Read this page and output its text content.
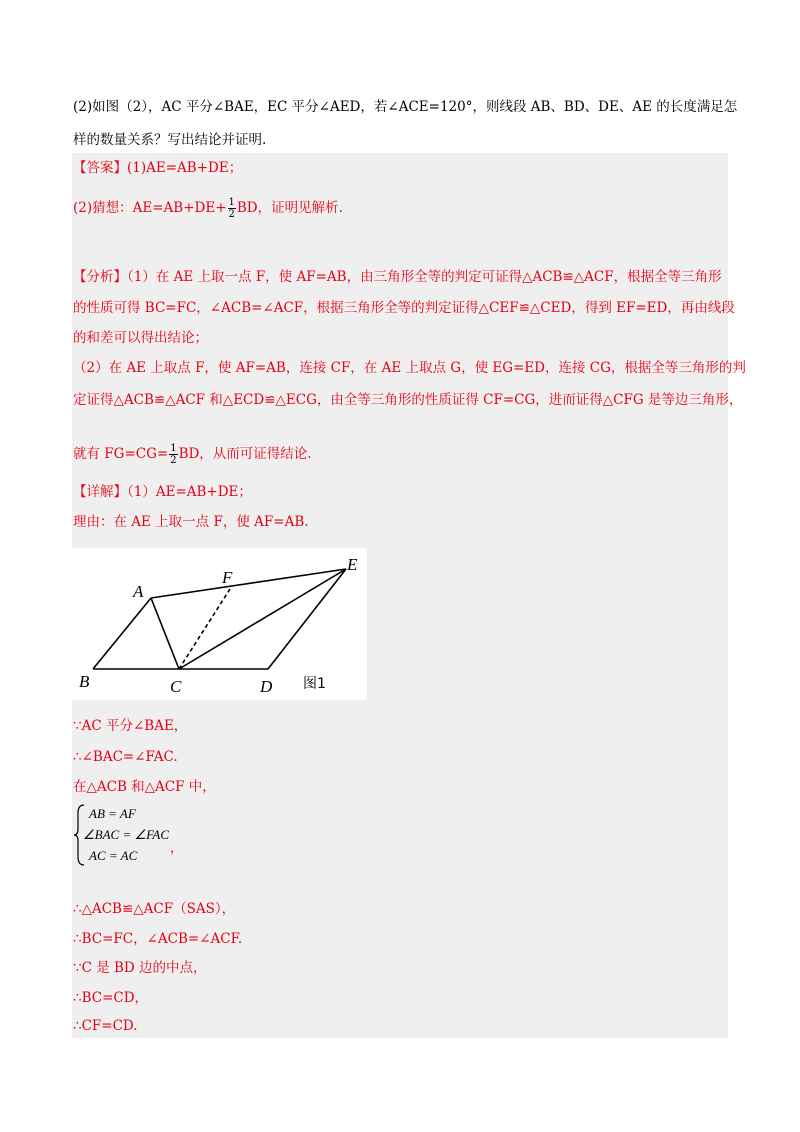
(2)如图（2），AC 平分∠BAE，EC 平分∠AED，若∠ACE=120°，则线段 AB、BD、DE、AE 的长度满足怎
样的数量关系？写出结论并证明.
【答案】(1)AE=AB+DE；
(2)猜想：$AE=AB+DE+ \frac{1}{2}$ BD，证明见解析.
【分析】（1）在 AE 上取一点 F，使 AF=AB，由三角形全等的判定可证得△ACB≌△ACF，根据全等三角形
的性质可得 BC=FC，∠ACB=∠ACF，根据三角形全等的判定证得△CEF≌△CED，得到 EF=ED，再由线段
的和差可以得出结论；
（2）在 AE 上取点 F，使 AF=AB，连接 CF，在 AE 上取点 G，使 EG=ED，连接 CG，根据全等三角形的判
定证得△ACB≌△ACF 和△ECD≌△ECG，由全等三角形的性质证得 CF=CG，进而证得△CFG 是等边三角形，
就有 $FG=CG= \frac{1}{2}$ BD，从而可证得结论.
【详解】（1）AE=AB+DE；
理由：在 AE 上取一点 F，使 AF=AB.
A
F
E
B	C	D 图1
∵AC 平分∠BAE，
∴∠BAC=∠FAC.
在△ACB 和△ACF 中，
AB = AF
∠BAC = ∠FAC
AC = AC
，
∴△ACB≌△ACF（SAS），
∴BC=FC，∠ACB=∠ACF.
∵C 是 BD 边的中点，
∴BC=CD，
∴CF=CD.
